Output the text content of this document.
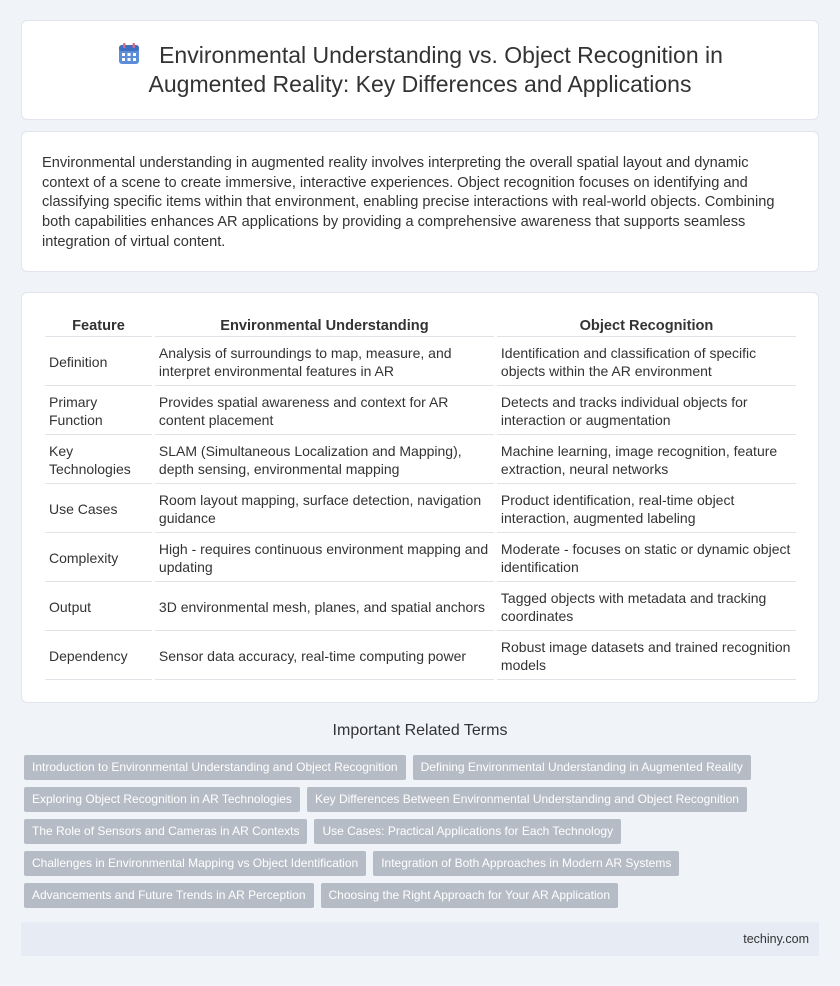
Environmental Understanding vs. Object Recognition in Augmented Reality: Key Differences and Applications

Environmental understanding in augmented reality involves interpreting the overall spatial layout and dynamic context of a scene to create immersive, interactive experiences. Object recognition focuses on identifying and classifying specific items within that environment, enabling precise interactions with real-world objects. Combining both capabilities enhances AR applications by providing a comprehensive awareness that supports seamless integration of virtual content.

Feature	Environmental Understanding	Object Recognition
Definition	Analysis of surroundings to map, measure, and interpret environmental features in AR	Identification and classification of specific objects within the AR environment
Primary Function	Provides spatial awareness and context for AR content placement	Detects and tracks individual objects for interaction or augmentation
Key Technologies	SLAM (Simultaneous Localization and Mapping), depth sensing, environmental mapping	Machine learning, image recognition, feature extraction, neural networks
Use Cases	Room layout mapping, surface detection, navigation guidance	Product identification, real-time object interaction, augmented labeling
Complexity	High - requires continuous environment mapping and updating	Moderate - focuses on static or dynamic object identification
Output	3D environmental mesh, planes, and spatial anchors	Tagged objects with metadata and tracking coordinates
Dependency	Sensor data accuracy, real-time computing power	Robust image datasets and trained recognition models
Important Related Terms
Introduction to Environmental Understanding and Object Recognition	Defining Environmental Understanding in Augmented Reality
Exploring Object Recognition in AR Technologies	Key Differences Between Environmental Understanding and Object Recognition
The Role of Sensors and Cameras in AR Contexts	Use Cases: Practical Applications for Each Technology
Challenges in Environmental Mapping vs Object Identification	Integration of Both Approaches in Modern AR Systems
Advancements and Future Trends in AR Perception	Choosing the Right Approach for Your AR Application
techiny.com
